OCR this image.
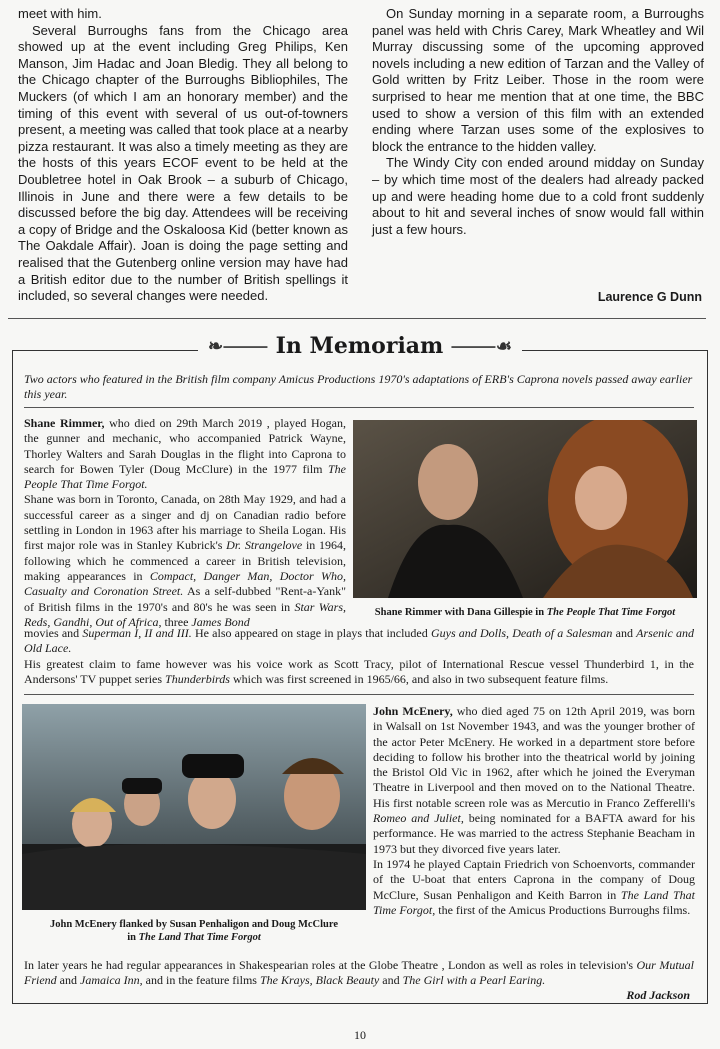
meet with him.

Several Burroughs fans from the Chicago area showed up at the event including Greg Philips, Ken Manson, Jim Hadac and Joan Bledig. They all belong to the Chicago chapter of the Burroughs Bibliophiles, The Muckers (of which I am an honorary member) and the timing of this event with several of us out-of-towners present, a meeting was called that took place at a nearby pizza restaurant. It was also a timely meeting as they are the hosts of this years ECOF event to be held at the Doubletree hotel in Oak Brook – a suburb of Chicago, Illinois in June and there were a few details to be discussed before the big day. Attendees will be receiving a copy of Bridge and the Oskaloosa Kid (better known as The Oakdale Affair). Joan is doing the page setting and realised that the Gutenberg online version may have had a British editor due to the number of British spellings it included, so several changes were needed.

On Sunday morning in a separate room, a Burroughs panel was held with Chris Carey, Mark Wheatley and Wil Murray discussing some of the upcoming approved novels including a new edition of Tarzan and the Valley of Gold written by Fritz Leiber. Those in the room were surprised to hear me mention that at one time, the BBC used to show a version of this film with an extended ending where Tarzan uses some of the explosives to block the entrance to the hidden valley.

The Windy City con ended around midday on Sunday – by which time most of the dealers had already packed up and were heading home due to a cold front suddenly about to hit and several inches of snow would fall within just a few hours.

Laurence G Dunn
❧⸻ In Memoriam ⸻☙
Two actors who featured in the British film company Amicus Productions 1970's adaptations of ERB's Caprona novels passed away earlier this year.

Shane Rimmer, who died on 29th March 2019 , played Hogan, the gunner and mechanic, who accompanied Patrick Wayne, Thorley Walters and Sarah Douglas in the flight into Caprona to search for Bowen Tyler (Doug McClure) in the 1977 film The People That Time Forgot.

Shane was born in Toronto, Canada, on 28th May 1929, and had a successful career as a singer and dj on Canadian radio before settling in London in 1963 after his marriage to Sheila Logan. His first major role was in Stanley Kubrick's Dr. Strangelove in 1964, following which he commenced a career in British television, making appearances in Compact, Danger Man, Doctor Who, Casualty and Coronation Street. As a self-dubbed "Rent-a-Yank" of British films in the 1970's and 80's he was seen in Star Wars, Reds, Gandhi, Out of Africa, three James Bond

Shane Rimmer with Dana Gillespie in The People That Time Forgot

movies and Superman I, II and III. He also appeared on stage in plays that included Guys and Dolls, Death of a Salesman and Arsenic and Old Lace.

His greatest claim to fame however was his voice work as Scott Tracy, pilot of International Rescue vessel Thunderbird 1, in the Andersons' TV puppet series Thunderbirds which was first screened in 1965/66, and also in two subsequent feature films.

John McEnery flanked by Susan Penhaligon and Doug McClure
in The Land That Time Forgot

John McEnery, who died aged 75 on 12th April 2019, was born in Walsall on 1st November 1943, and was the younger brother of the actor Peter McEnery. He worked in a department store before deciding to follow his brother into the theatrical world by joining the Bristol Old Vic in 1962, after which he joined the Everyman Theatre in Liverpool and then moved on to the National Theatre. His first notable screen role was as Mercutio in Franco Zefferelli's Romeo and Juliet, being nominated for a BAFTA award for his performance. He was married to the actress Stephanie Beacham in 1973 but they divorced five years later.

In 1974 he played Captain Friedrich von Schoenvorts, commander of the U-boat that enters Caprona in the company of Doug McClure, Susan Penhaligon and Keith Barron in The Land That Time Forgot, the first of the Amicus Productions Burroughs films.

In later years he had regular appearances in Shakespearian roles at the Globe Theatre , London as well as roles in television's Our Mutual Friend and Jamaica Inn, and in the feature films The Krays, Black Beauty and The Girl with a Pearl Earing.

Rod Jackson
10
